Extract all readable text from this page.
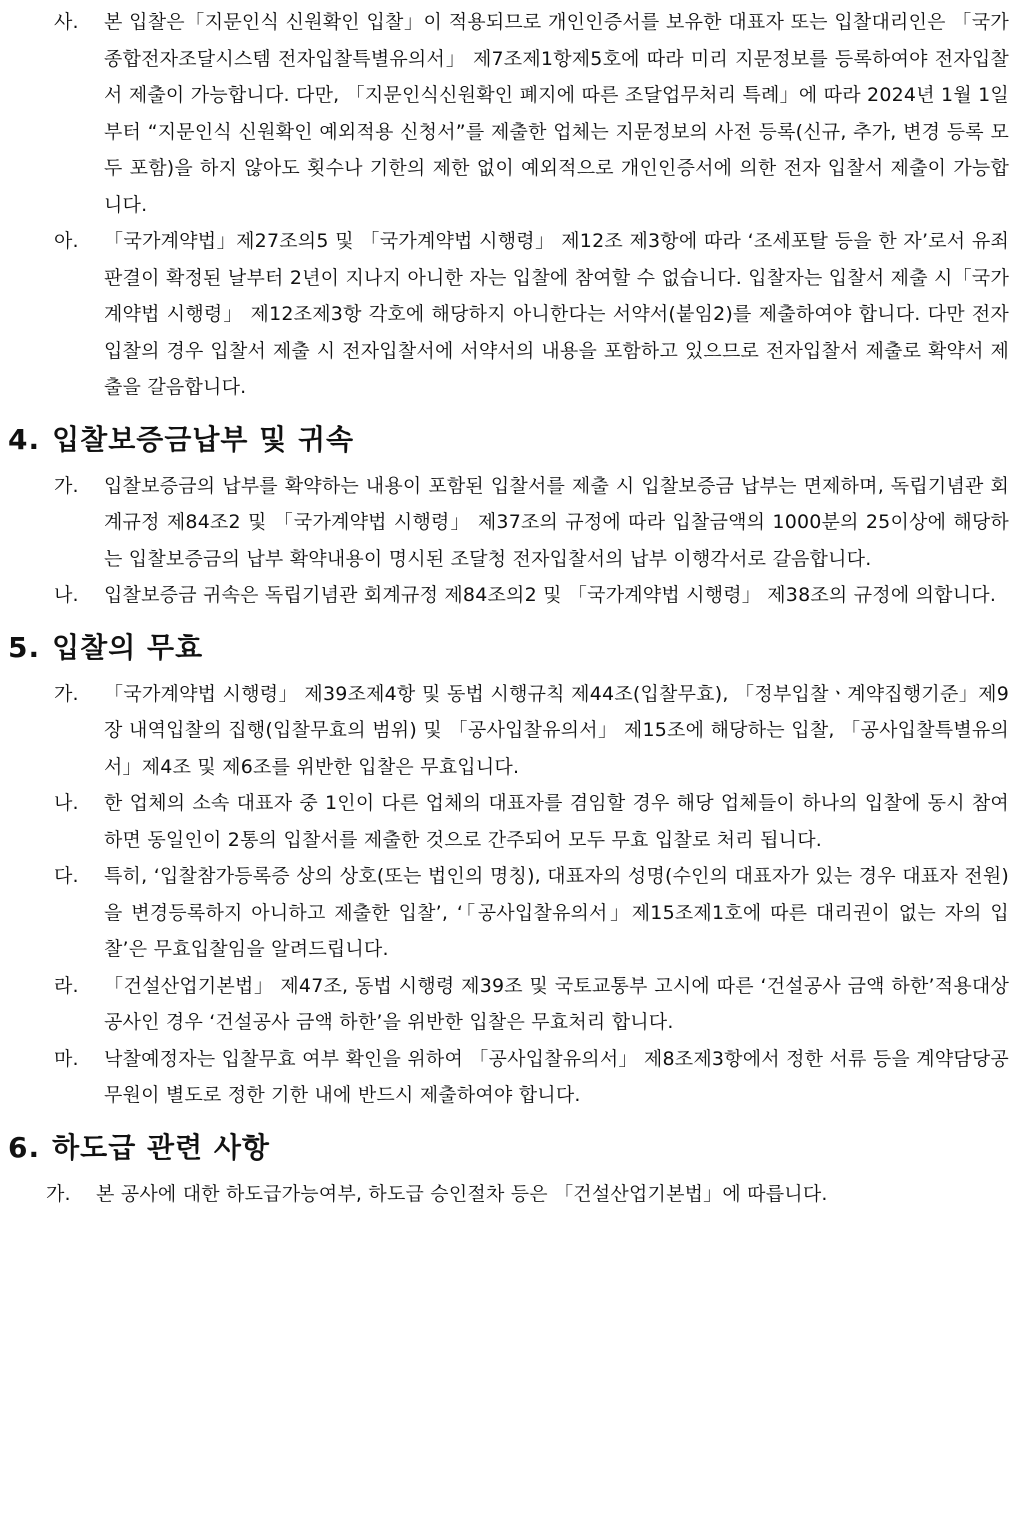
사.	본 입찰은「지문인식 신원확인 입찰」이 적용되므로 개인인증서를 보유한 대표자 또는 입찰대리인은 「국가종합전자조달시스템 전자입찰특별유의서」 제7조제1항제5호에 따라 미리 지문정보를 등록하여야 전자입찰서 제출이 가능합니다. 다만, 「지문인식신원확인 폐지에 따른 조달업무처리 특례」에 따라 2024년 1월 1일부터 “지문인식 신원확인 예외적용 신청서”를 제출한 업체는 지문정보의 사전 등록(신규, 추가, 변경 등록 모두 포함)을 하지 않아도 횟수나 기한의 제한 없이 예외적으로 개인인증서에 의한 전자 입찰서 제출이 가능합니다.
아.	「국가계약법」제27조의5 및 「국가계약법 시행령」 제12조 제3항에 따라 ‘조세포탈 등을 한 자’로서 유죄판결이 확정된 날부터 2년이 지나지 아니한 자는 입찰에 참여할 수 없습니다. 입찰자는 입찰서 제출 시「국가계약법 시행령」 제12조제3항 각호에 해당하지 아니한다는 서약서(붙임2)를 제출하여야 합니다. 다만 전자입찰의 경우 입찰서 제출 시 전자입찰서에 서약서의 내용을 포함하고 있으므로 전자입찰서 제출로 확약서 제출을 갈음합니다.
4. 입찰보증금납부 및 귀속
가.	입찰보증금의 납부를 확약하는 내용이 포함된 입찰서를 제출 시 입찰보증금 납부는 면제하며, 독립기념관 회계규정 제84조2 및 「국가계약법 시행령」 제37조의 규정에 따라 입찰금액의 1000분의 25이상에 해당하는 입찰보증금의 납부 확약내용이 명시된 조달청 전자입찰서의 납부 이행각서로 갈음합니다.
나.	입찰보증금 귀속은 독립기념관 회계규정 제84조의2 및 「국가계약법 시행령」 제38조의 규정에 의합니다.
5. 입찰의 무효
가.	「국가계약법 시행령」 제39조제4항 및 동법 시행규칙 제44조(입찰무효), 「정부입찰ㆍ계약집행기준」제9장 내역입찰의 집행(입찰무효의 범위) 및 「공사입찰유의서」 제15조에 해당하는 입찰, 「공사입찰특별유의서」제4조 및 제6조를 위반한 입찰은 무효입니다.
나.	한 업체의 소속 대표자 중 1인이 다른 업체의 대표자를 겸임할 경우 해당 업체들이 하나의 입찰에 동시 참여하면 동일인이 2통의 입찰서를 제출한 것으로 간주되어 모두 무효 입찰로 처리 됩니다.
다.	특히, ‘입찰참가등록증 상의 상호(또는 법인의 명칭), 대표자의 성명(수인의 대표자가 있는 경우 대표자 전원)을 변경등록하지 아니하고 제출한 입찰’, ‘「공사입찰유의서」제15조제1호에 따른 대리권이 없는 자의 입찰’은 무효입찰임을 알려드립니다.
라.	「건설산업기본법」 제47조, 동법 시행령 제39조 및 국토교통부 고시에 따른 ‘건설공사 금액 하한’적용대상 공사인 경우 ‘건설공사 금액 하한’을 위반한 입찰은 무효처리 합니다.
마.	낙찰예정자는 입찰무효 여부 확인을 위하여 「공사입찰유의서」 제8조제3항에서 정한 서류 등을 계약담당공무원이 별도로 정한 기한 내에 반드시 제출하여야 합니다.
6. 하도급 관련 사항
가.	본 공사에 대한 하도급가능여부, 하도급 승인절차 등은 「건설산업기본법」에 따릅니다.
